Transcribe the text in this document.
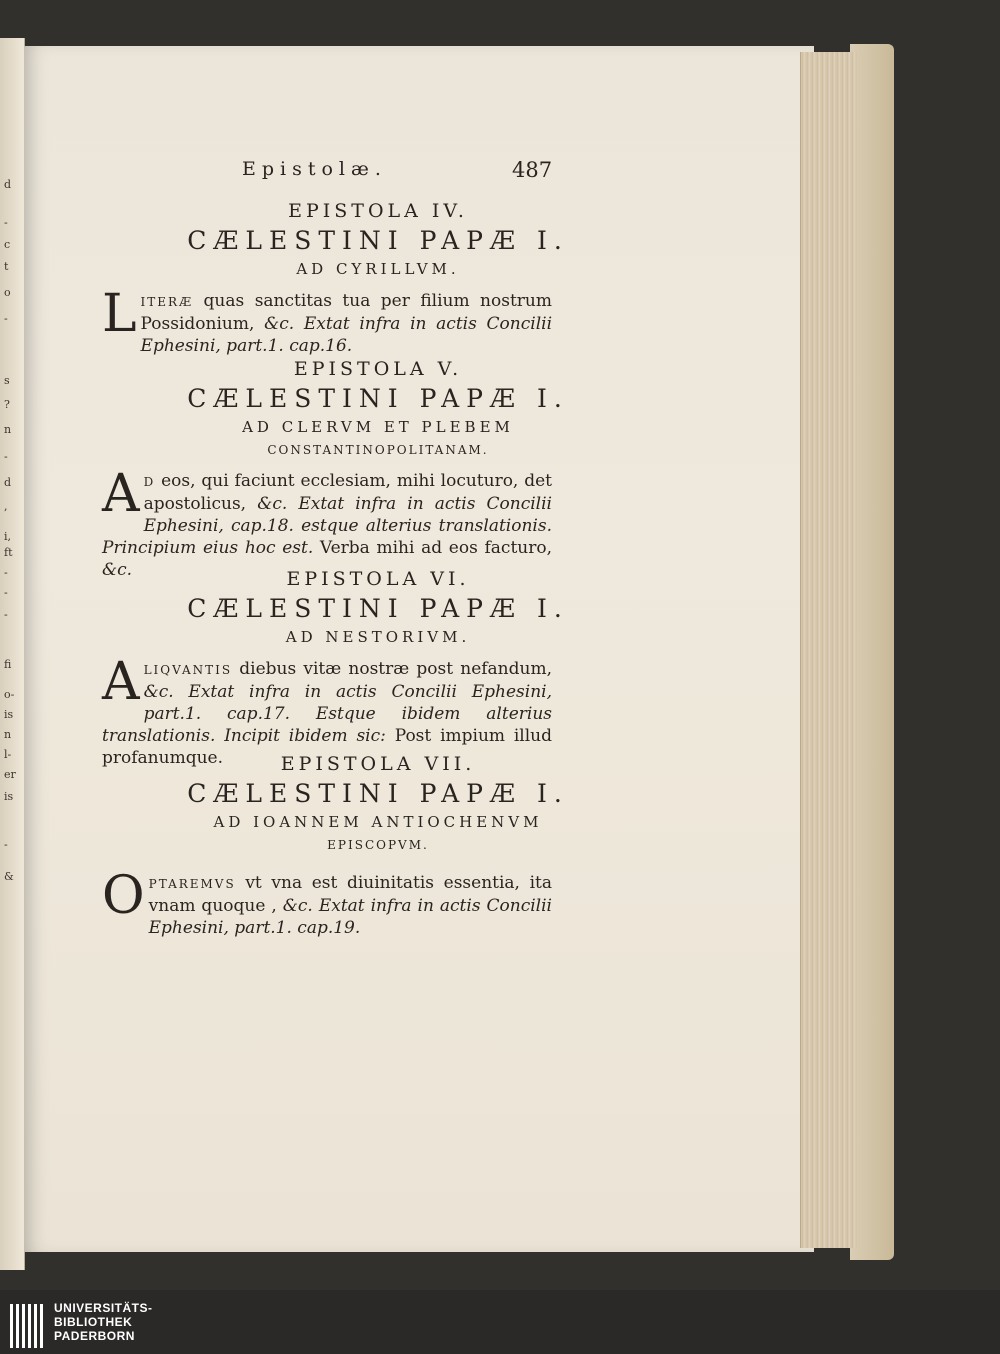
d
-
c
t
o
-
s
?
n
-
d
,
i,
ft
-
-
-
fi
o-
is
n
l-
er
is
-
&
Epistolæ.	487
EPISTOLA IV.
CÆLESTINI PAPÆ I.
AD CYRILLVM.
LITERÆ quas sanctitas tua per filium nostrum Possidonium, &c. Extat infra in actis Concilii Ephesini, part.1. cap.16.
EPISTOLA V.
CÆLESTINI PAPÆ I.
AD CLERVM ET PLEBEM
CONSTANTINOPOLITANAM.
A D eos, qui faciunt ecclesiam, mihi locuturo, det apostolicus, &c. Extat infra in actis Concilii Ephesini, cap.18. estque alterius translationis. Principium eius hoc est. Verba mihi ad eos facturo, &c.	EPISTOLA VI.
CÆLESTINI PAPÆ I.
AD NESTORIVM.
ALIQVANTIS diebus vitæ nostræ post nefandum, &c. Extat infra in actis Concilii Ephesini, part.1. cap.17. Estque ibidem alterius translationis. Incipit ibidem sic: Post impium illud profanumque.	EPISTOLA VII.
CÆLESTINI PAPÆ I.
AD IOANNEM ANTIOCHENVM
EPISCOPVM.
OPTAREMVS vt vna est diuinitatis essentia, ita vnam quoque , &c. Extat infra in actis Concilii Ephesini, part.1. cap.19.
UNIVERSITÄTS-
BIBLIOTHEK
PADERBORN
